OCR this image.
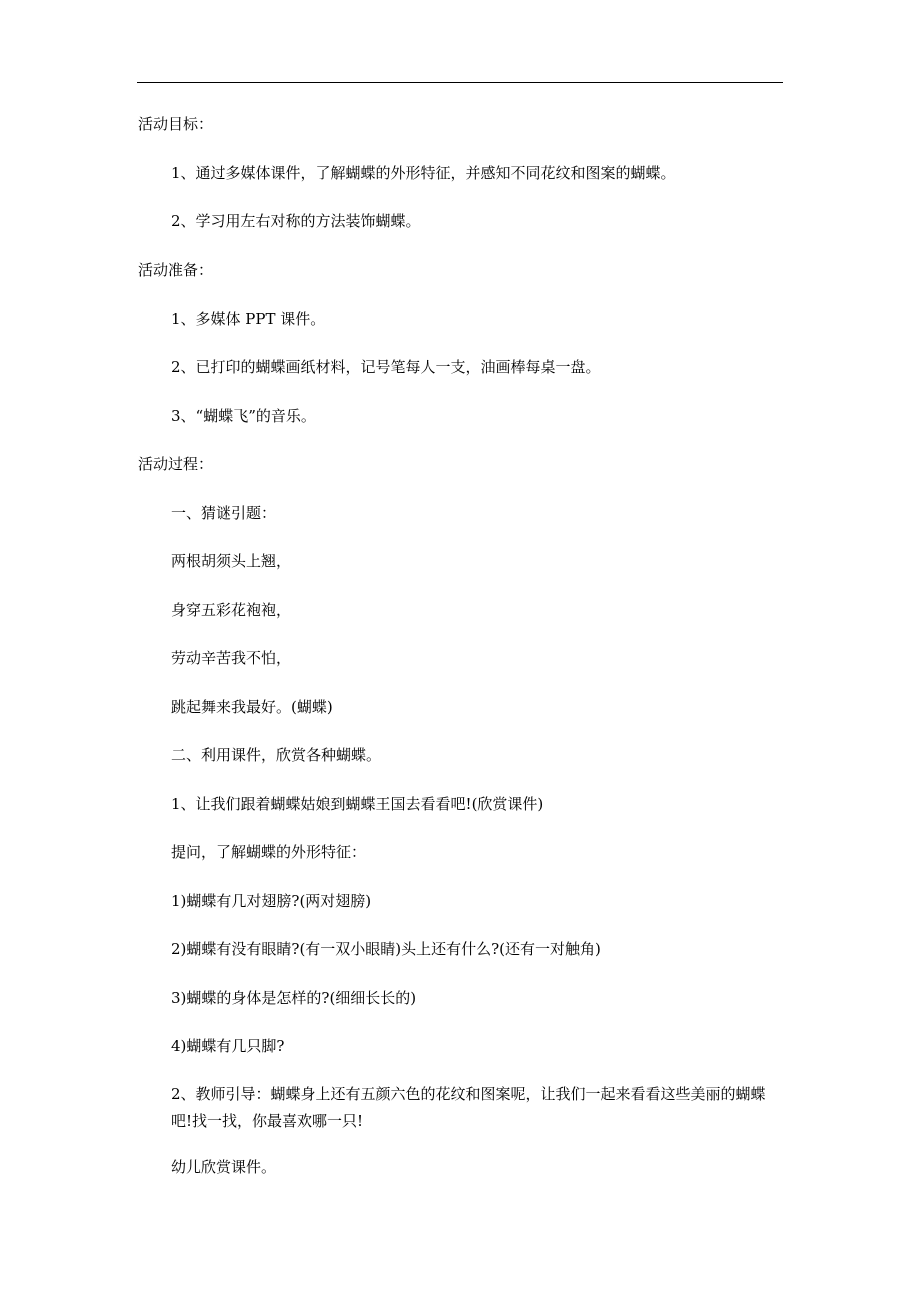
活动目标：
1、通过多媒体课件，了解蝴蝶的外形特征，并感知不同花纹和图案的蝴蝶。
2、学习用左右对称的方法装饰蝴蝶。
活动准备：
1、多媒体 PPT 课件。
2、已打印的蝴蝶画纸材料，记号笔每人一支，油画棒每桌一盘。
3、“蝴蝶飞”的音乐。
活动过程：
一、猜谜引题：
两根胡须头上翘，
身穿五彩花袍袍，
劳动辛苦我不怕，
跳起舞来我最好。(蝴蝶)
二、利用课件，欣赏各种蝴蝶。
1、让我们跟着蝴蝶姑娘到蝴蝶王国去看看吧!(欣赏课件)
提问，了解蝴蝶的外形特征：
1)蝴蝶有几对翅膀?(两对翅膀)
2)蝴蝶有没有眼睛?(有一双小眼睛)头上还有什么?(还有一对触角)
3)蝴蝶的身体是怎样的?(细细长长的)
4)蝴蝶有几只脚?
2、教师引导：蝴蝶身上还有五颜六色的花纹和图案呢，让我们一起来看看这些美丽的蝴蝶吧!找一找，你最喜欢哪一只!
幼儿欣赏课件。
